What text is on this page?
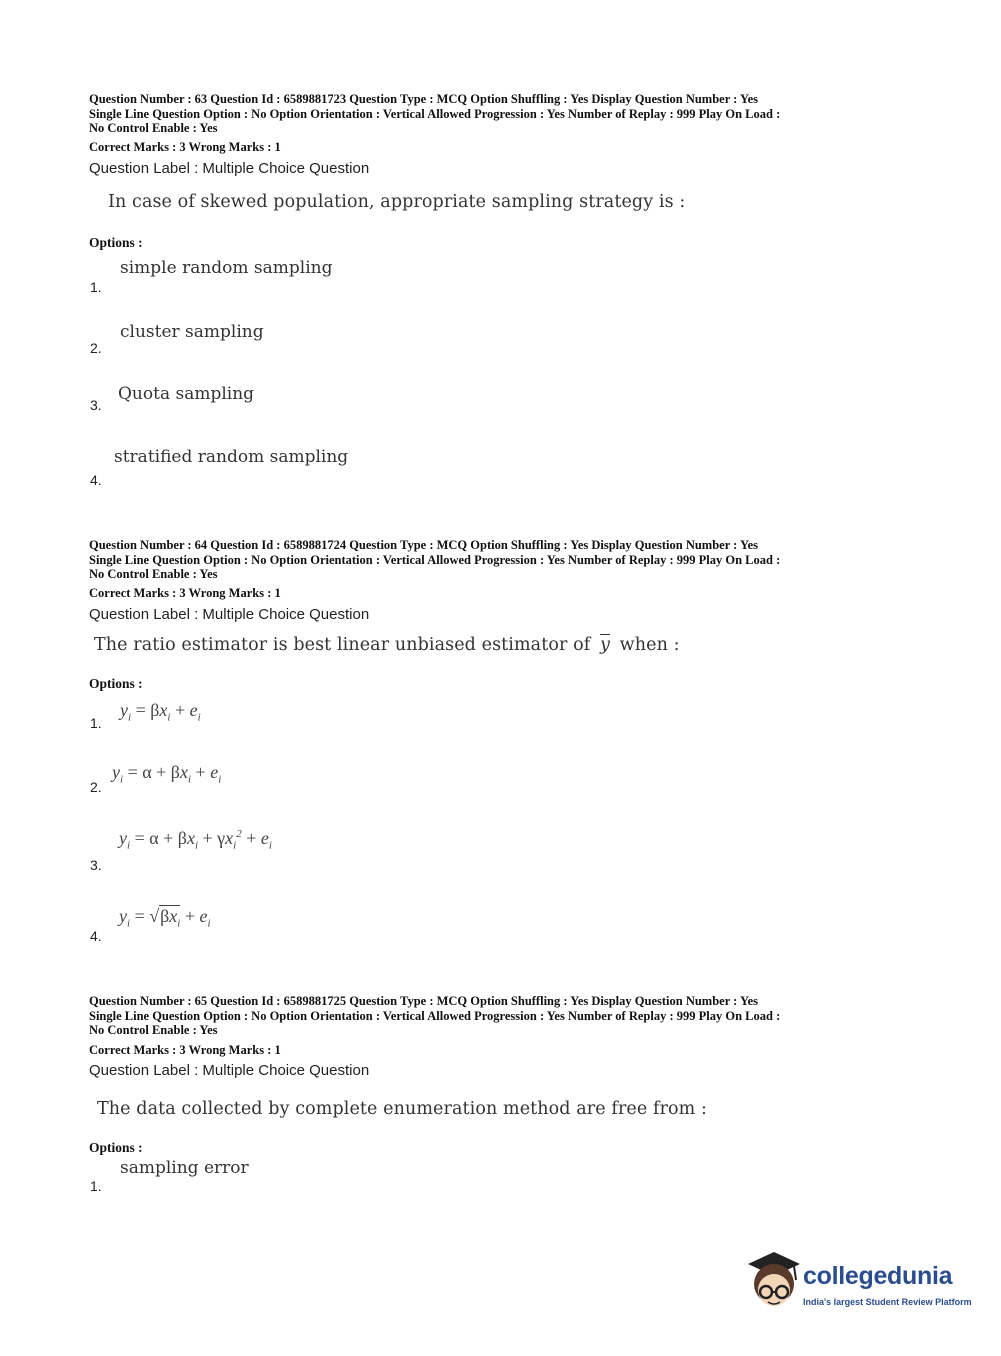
Question Number : 63 Question Id : 6589881723 Question Type : MCQ Option Shuffling : Yes Display Question Number : Yes
Single Line Question Option : No Option Orientation : Vertical Allowed Progression : Yes Number of Replay : 999 Play On Load :
No Control Enable : Yes
Correct Marks : 3 Wrong Marks : 1
Question Label : Multiple Choice Question
In case of skewed population, appropriate sampling strategy is :
Options :
1.
simple random sampling
2.
cluster sampling
3.
Quota sampling
4.
stratified random sampling
Question Number : 64 Question Id : 6589881724 Question Type : MCQ Option Shuffling : Yes Display Question Number : Yes
Single Line Question Option : No Option Orientation : Vertical Allowed Progression : Yes Number of Replay : 999 Play On Load :
No Control Enable : Yes
Correct Marks : 3 Wrong Marks : 1
Question Label : Multiple Choice Question
The ratio estimator is best linear unbiased estimator of $\overline{y}$ when :
Options :
1.
$y_i = \beta x_i + e_i$
2.
$y_i = \alpha + \beta x_i + e_i$
3.
$y_i = \alpha + \beta x_i + \gamma x_i^2 + e_i$
4.
$y_i = √\beta x_i + e_i$
Question Number : 65 Question Id : 6589881725 Question Type : MCQ Option Shuffling : Yes Display Question Number : Yes
Single Line Question Option : No Option Orientation : Vertical Allowed Progression : Yes Number of Replay : 999 Play On Load :
No Control Enable : Yes
Correct Marks : 3 Wrong Marks : 1
Question Label : Multiple Choice Question
The data collected by complete enumeration method are free from :
Options :
1.
sampling error
collegedunia
India's largest Student Review Platform
